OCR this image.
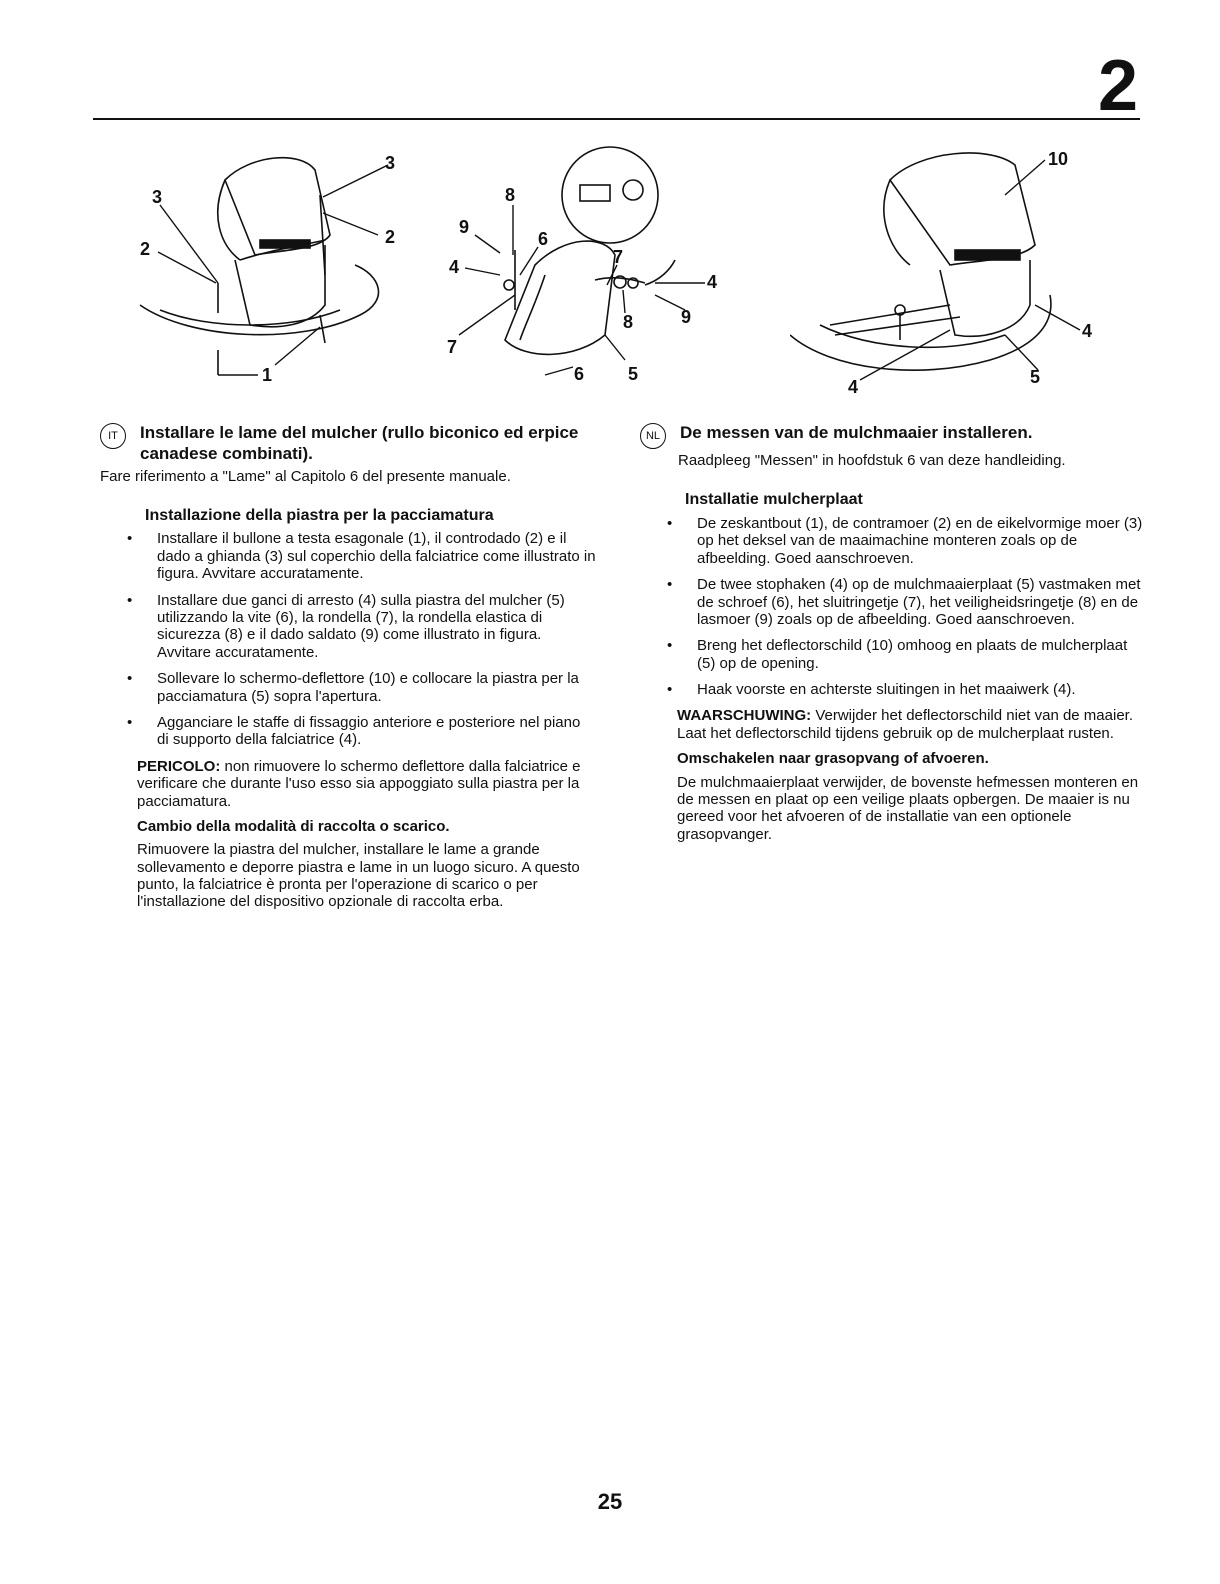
2
3
3
2
2
1
8
9
6
4
7
7
8
4
9
6 5
10
4
4	5
IT	Installare le lame del mulcher (rullo biconico ed erpice canadese combinati).

Fare riferimento a "Lame" al Capitolo 6 del presente manuale.

Installazione della piastra per la pacciamatura
• Installare il bullone a testa esagonale (1), il controdado (2) e il dado a ghianda (3) sul coperchio della falciatrice come illustrato in figura. Avvitare accuratamente.
• Installare due ganci di arresto (4) sulla piastra del mulcher (5) utilizzando la vite (6), la rondella (7), la rondella elastica di sicurezza (8) e il dado saldato (9) come illustrato in figura. Avvitare accuratamente.
• Sollevare lo schermo-deflettore (10) e collocare la piastra per la pacciamatura (5) sopra l'apertura.
• Agganciare le staffe di fissaggio anteriore e posteriore nel piano di supporto della falciatrice (4).

PERICOLO: non rimuovere lo schermo deflettore dalla falciatrice e verificare che durante l'uso esso sia appoggiato sulla piastra per la pacciamatura.

Cambio della modalità di raccolta o scarico.

Rimuovere la piastra del mulcher, installare le lame a grande sollevamento e deporre piastra e lame in un luogo sicuro. A questo punto, la falciatrice è pronta per l'operazione di scarico o per l'installazione del dispositivo opzionale di raccolta erba.

NL	De messen van de mulchmaaier installeren.

Raadpleeg "Messen" in hoofdstuk 6 van deze handleiding.

Installatie mulcherplaat
• De zeskantbout (1), de contramoer (2) en de eikelvormige moer (3) op het deksel van de maaimachine monteren zoals op de afbeelding. Goed aanschroeven.
• De twee stophaken (4) op de mulchmaaierplaat (5) vastmaken met de schroef (6), het sluitringetje (7), het veiligheidsringetje (8) en de lasmoer (9) zoals op de afbeelding. Goed aanschroeven.
• Breng het deflectorschild (10) omhoog en plaats de mulcherplaat (5) op de opening.
• Haak voorste en achterste sluitingen in het maaiwerk (4).

WAARSCHUWING: Verwijder het deflectorschild niet van de maaier. Laat het deflectorschild tijdens gebruik op de mulcherplaat rusten.

Omschakelen naar grasopvang of afvoeren.

De mulchmaaierplaat verwijder, de bovenste hefmessen monteren en de messen en plaat op een veilige plaats opbergen. De maaier is nu gereed voor het afvoeren of de installatie van een optionele grasopvanger.

25
